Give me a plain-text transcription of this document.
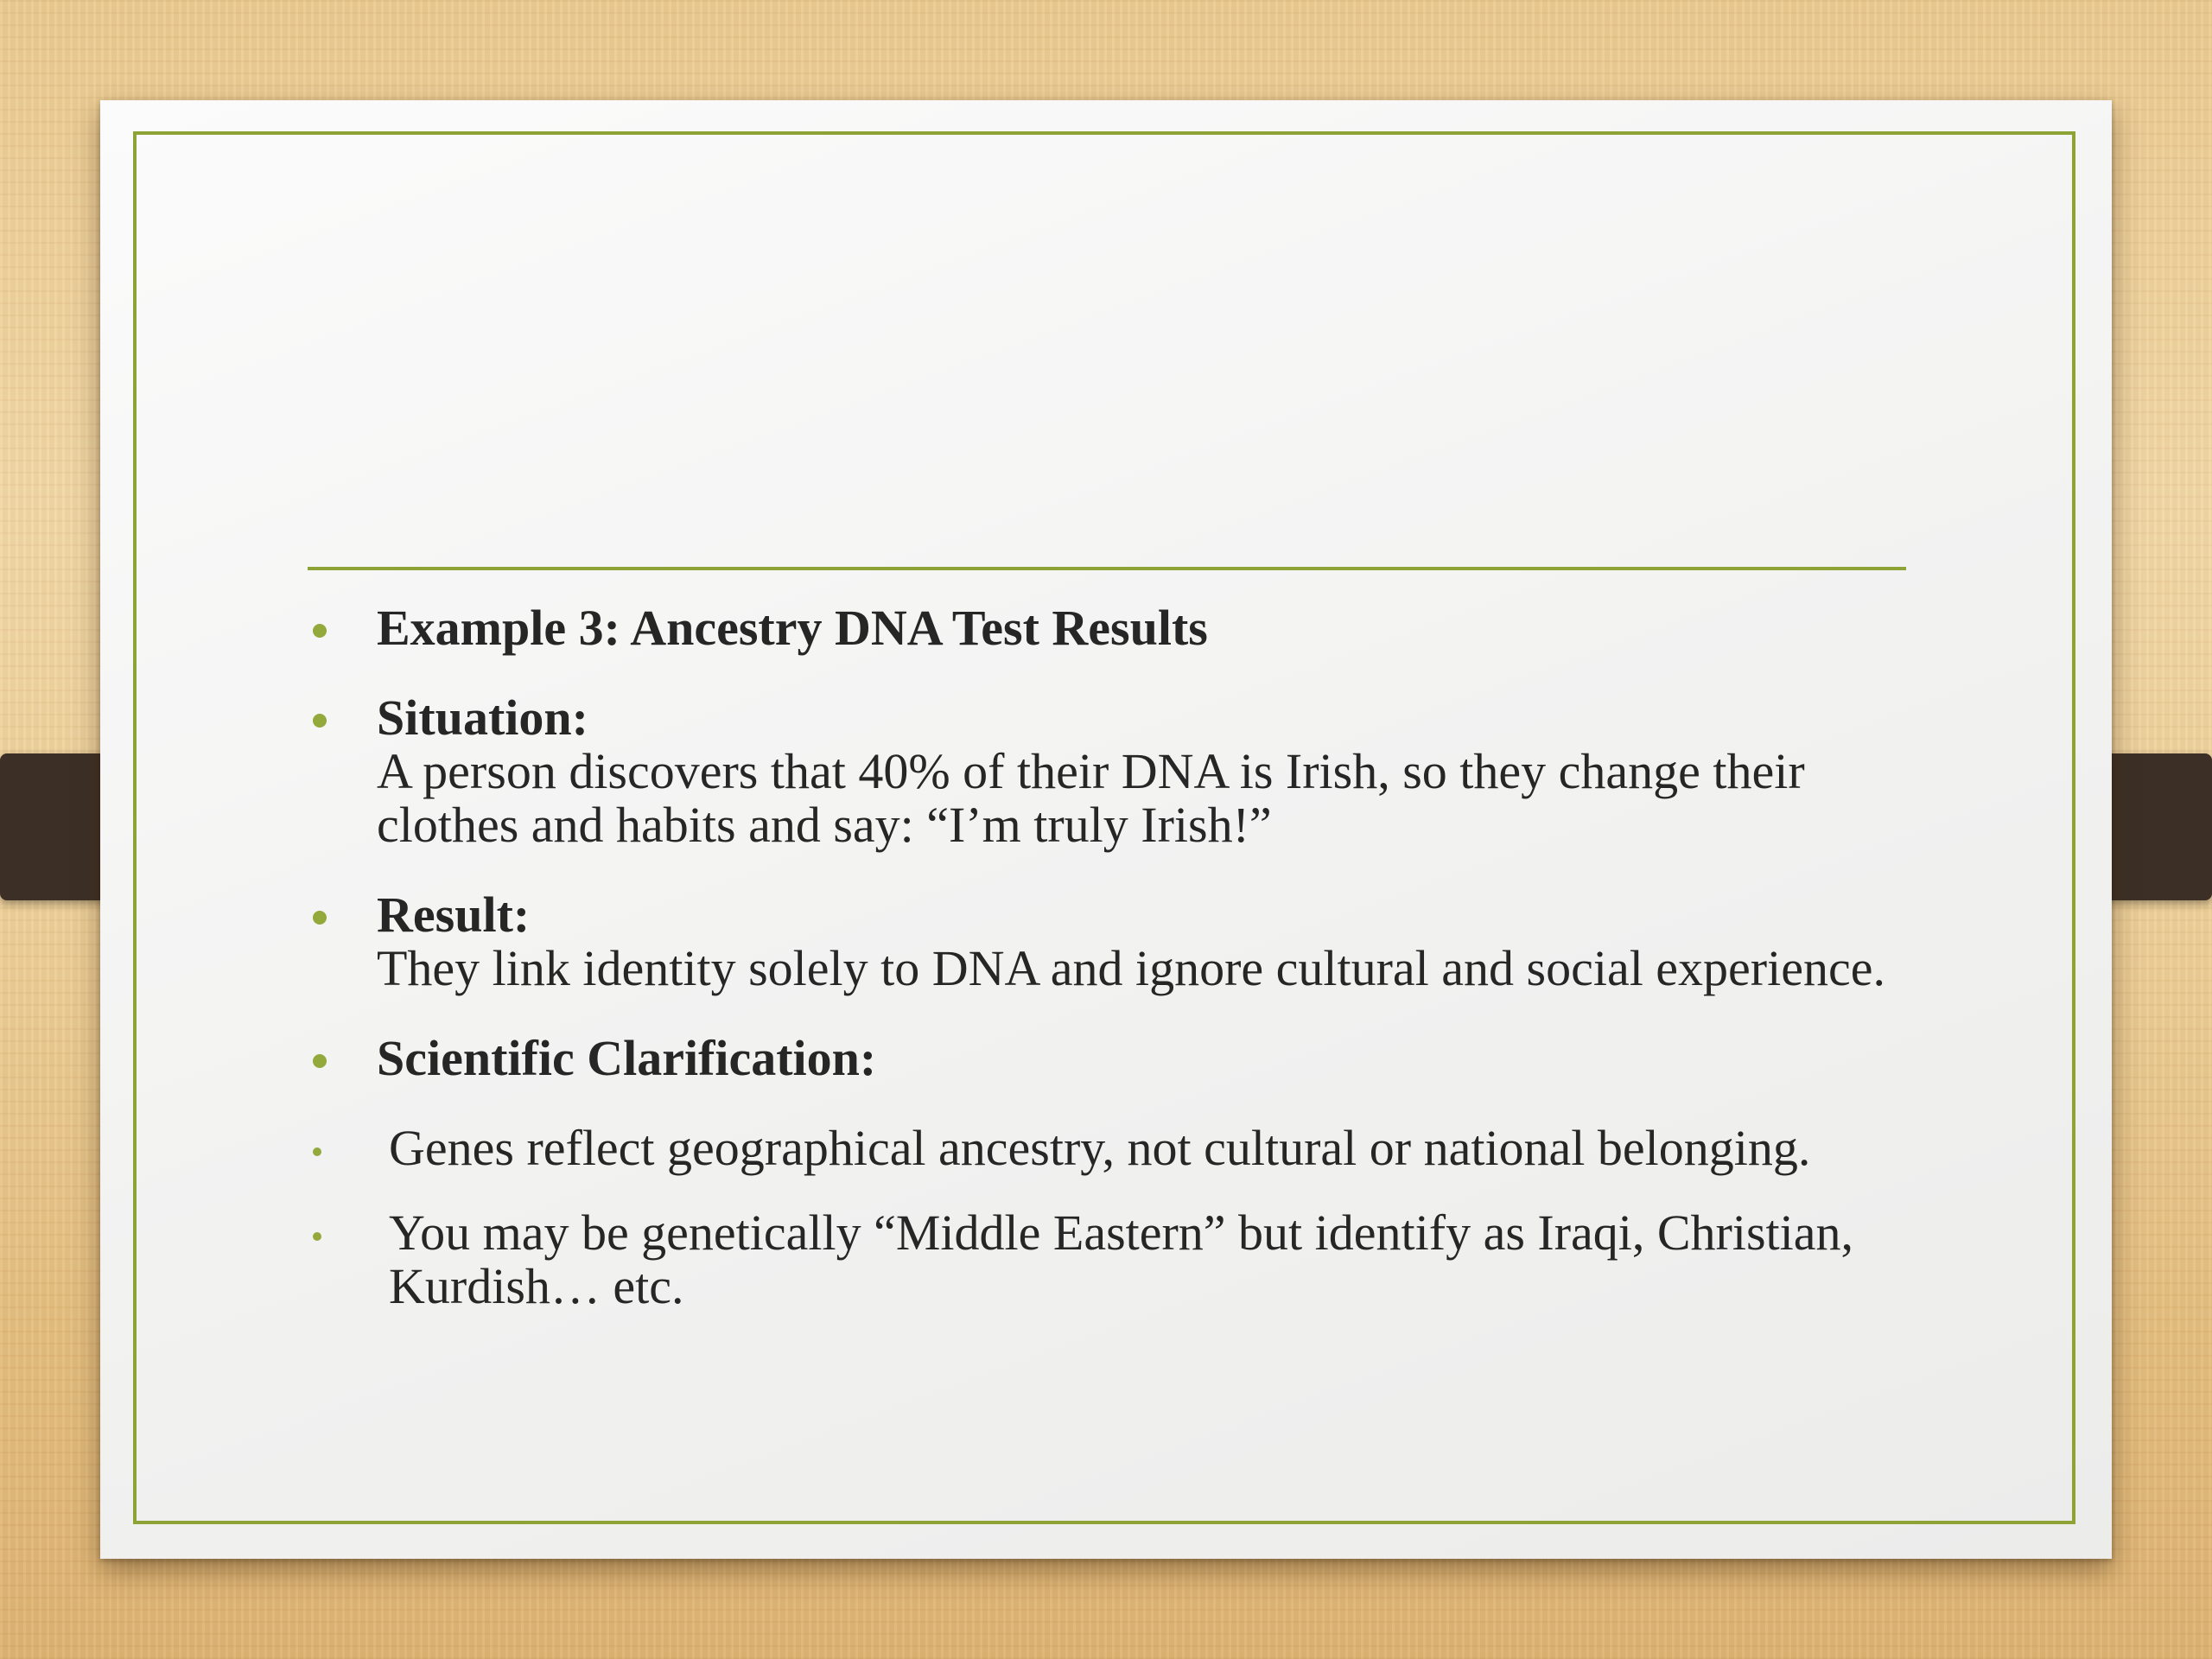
Example 3: Ancestry DNA Test Results
Situation:
A person discovers that 40% of their DNA is Irish, so they change their clothes and habits and say: “I’m truly Irish!”
Result:
They link identity solely to DNA and ignore cultural and social experience.
Scientific Clarification:
Genes reflect geographical ancestry, not cultural or national belonging.
You may be genetically “Middle Eastern” but identify as Iraqi, Christian, Kurdish… etc.
